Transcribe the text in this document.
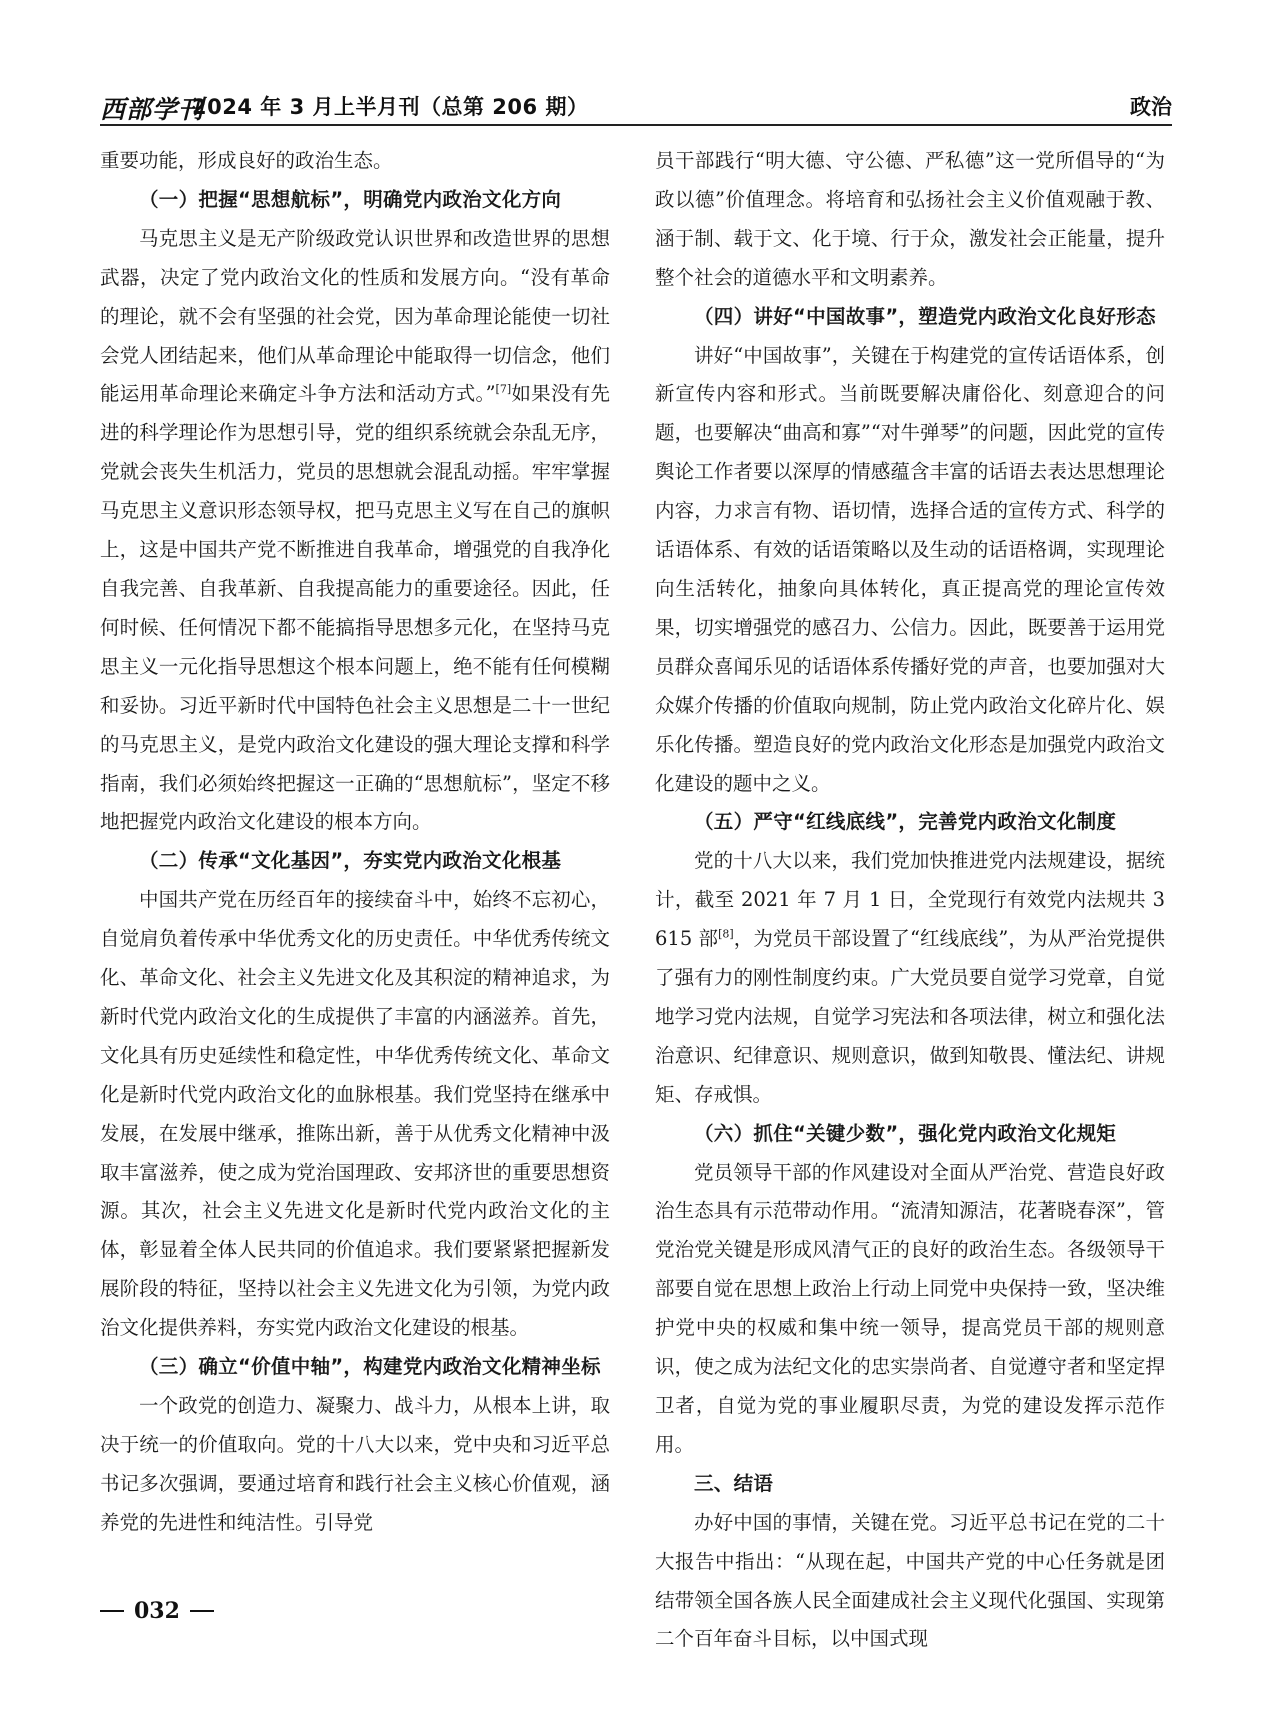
西部学刊
2024 年 3 月上半月刊（总第 206 期）	政治

重要功能，形成良好的政治生态。

（一）把握“思想航标”，明确党内政治文化方向

马克思主义是无产阶级政党认识世界和改造世界的思想武器，决定了党内政治文化的性质和发展方向。“没有革命的理论，就不会有坚强的社会党，因为革命理论能使一切社会党人团结起来，他们从革命理论中能取得一切信念，他们能运用革命理论来确定斗争方法和活动方式。”[7]如果没有先进的科学理论作为思想引导，党的组织系统就会杂乱无序，党就会丧失生机活力，党员的思想就会混乱动摇。牢牢掌握马克思主义意识形态领导权，把马克思主义写在自己的旗帜上，这是中国共产党不断推进自我革命，增强党的自我净化自我完善、自我革新、自我提高能力的重要途径。因此，任何时候、任何情况下都不能搞指导思想多元化，在坚持马克思主义一元化指导思想这个根本问题上，绝不能有任何模糊和妥协。习近平新时代中国特色社会主义思想是二十一世纪的马克思主义，是党内政治文化建设的强大理论支撑和科学指南，我们必须始终把握这一正确的“思想航标”，坚定不移地把握党内政治文化建设的根本方向。

（二）传承“文化基因”，夯实党内政治文化根基

中国共产党在历经百年的接续奋斗中，始终不忘初心，自觉肩负着传承中华优秀文化的历史责任。中华优秀传统文化、革命文化、社会主义先进文化及其积淀的精神追求，为新时代党内政治文化的生成提供了丰富的内涵滋养。首先，文化具有历史延续性和稳定性，中华优秀传统文化、革命文化是新时代党内政治文化的血脉根基。我们党坚持在继承中发展，在发展中继承，推陈出新，善于从优秀文化精神中汲取丰富滋养，使之成为党治国理政、安邦济世的重要思想资源。其次，社会主义先进文化是新时代党内政治文化的主体，彰显着全体人民共同的价值追求。我们要紧紧把握新发展阶段的特征，坚持以社会主义先进文化为引领，为党内政治文化提供养料，夯实党内政治文化建设的根基。

（三）确立“价值中轴”，构建党内政治文化精神坐标

一个政党的创造力、凝聚力、战斗力，从根本上讲，取决于统一的价值取向。党的十八大以来，党中央和习近平总书记多次强调，要通过培育和践行社会主义核心价值观，涵养党的先进性和纯洁性。引导党

员干部践行“明大德、守公德、严私德”这一党所倡导的“为政以德”价值理念。将培育和弘扬社会主义价值观融于教、涵于制、载于文、化于境、行于众，激发社会正能量，提升整个社会的道德水平和文明素养。

（四）讲好“中国故事”，塑造党内政治文化良好形态

讲好“中国故事”，关键在于构建党的宣传话语体系，创新宣传内容和形式。当前既要解决庸俗化、刻意迎合的问题，也要解决“曲高和寡”“对牛弹琴”的问题，因此党的宣传舆论工作者要以深厚的情感蕴含丰富的话语去表达思想理论内容，力求言有物、语切情，选择合适的宣传方式、科学的话语体系、有效的话语策略以及生动的话语格调，实现理论向生活转化，抽象向具体转化，真正提高党的理论宣传效果，切实增强党的感召力、公信力。因此，既要善于运用党员群众喜闻乐见的话语体系传播好党的声音，也要加强对大众媒介传播的价值取向规制，防止党内政治文化碎片化、娱乐化传播。塑造良好的党内政治文化形态是加强党内政治文化建设的题中之义。

（五）严守“红线底线”，完善党内政治文化制度

党的十八大以来，我们党加快推进党内法规建设，据统计，截至 2021 年 7 月 1 日，全党现行有效党内法规共 3 615 部[8]，为党员干部设置了“红线底线”，为从严治党提供了强有力的刚性制度约束。广大党员要自觉学习党章，自觉地学习党内法规，自觉学习宪法和各项法律，树立和强化法治意识、纪律意识、规则意识，做到知敬畏、懂法纪、讲规矩、存戒惧。

（六）抓住“关键少数”，强化党内政治文化规矩

党员领导干部的作风建设对全面从严治党、营造良好政治生态具有示范带动作用。“流清知源洁，花著晓春深”，管党治党关键是形成风清气正的良好的政治生态。各级领导干部要自觉在思想上政治上行动上同党中央保持一致，坚决维护党中央的权威和集中统一领导，提高党员干部的规则意识，使之成为法纪文化的忠实崇尚者、自觉遵守者和坚定捍卫者，自觉为党的事业履职尽责，为党的建设发挥示范作用。

三、结语

办好中国的事情，关键在党。习近平总书记在党的二十大报告中指出：“从现在起，中国共产党的中心任务就是团结带领全国各族人民全面建成社会主义现代化强国、实现第二个百年奋斗目标，以中国式现

032
